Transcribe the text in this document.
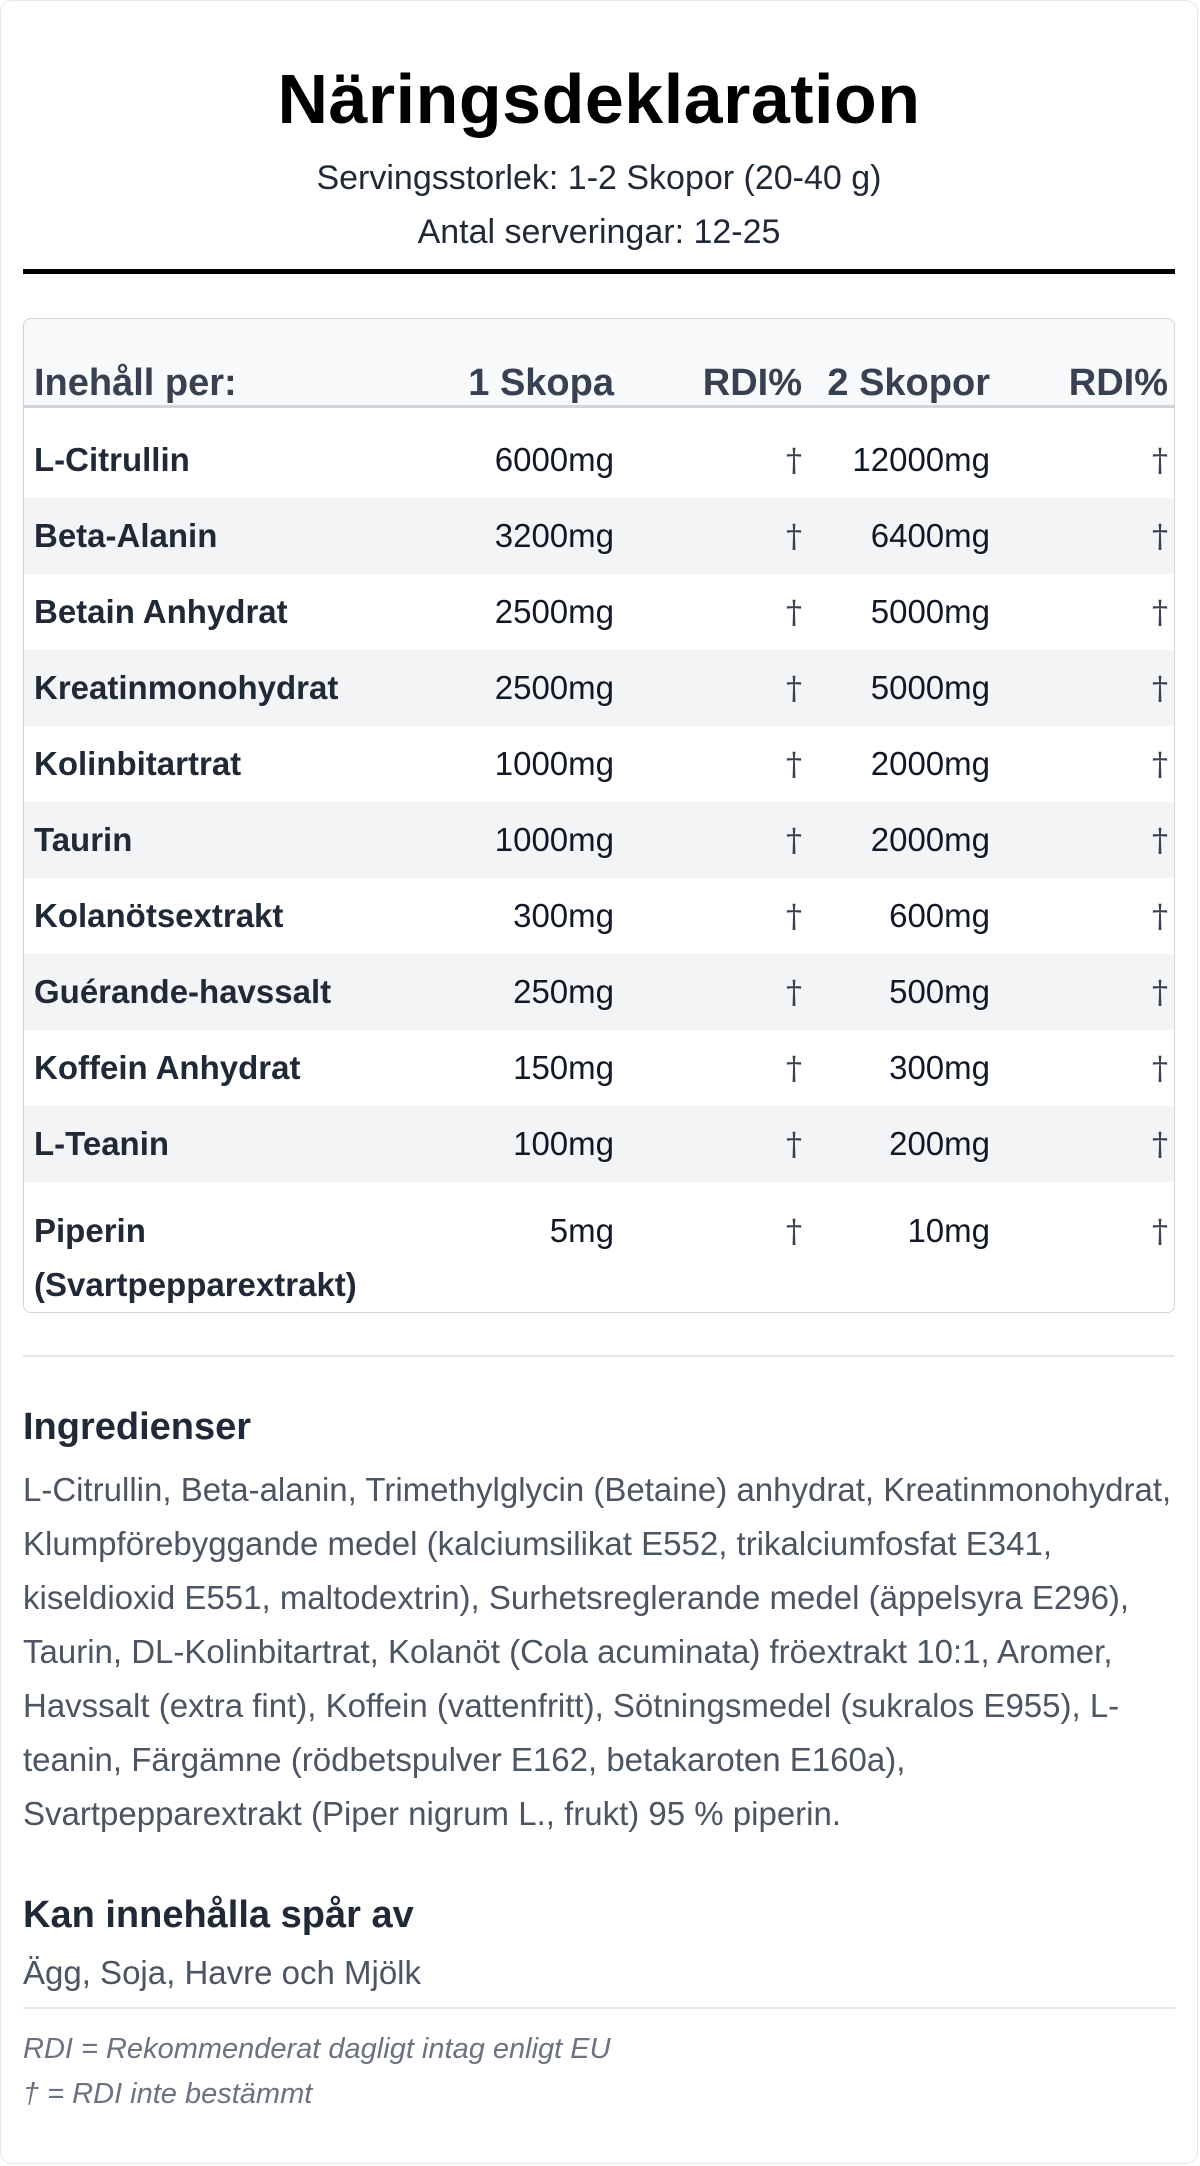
Näringsdeklaration
Servingsstorlek: 1-2 Skopor (20-40 g)
Antal serveringar: 12-25
Inehåll per:	1 Skopa	RDI%	2 Skopor	RDI%
L-Citrullin	6000mg	†	12000mg	†
Beta-Alanin	3200mg	†	6400mg	†
Betain Anhydrat	2500mg	†	5000mg	†
Kreatinmonohydrat	2500mg	†	5000mg	†
Kolinbitartrat	1000mg	†	2000mg	†
Taurin	1000mg	†	2000mg	†
Kolanötsextrakt	300mg	†	600mg	†
Guérande-havssalt	250mg	†	500mg	†
Koffein Anhydrat	150mg	†	300mg	†
L-Teanin	100mg	†	200mg	†
Piperin (Svartpepparextrakt)	5mg	†	10mg	†
Ingredienser
L-Citrullin, Beta-alanin, Trimethylglycin (Betaine) anhydrat, Kreatinmonohydrat, Klumpförebyggande medel (kalciumsilikat E552, trikalciumfosfat E341, kiseldioxid E551, maltodextrin), Surhetsreglerande medel (äppelsyra E296), Taurin, DL-Kolinbitartrat, Kolanöt (Cola acuminata) fröextrakt 10:1, Aromer, Havssalt (extra fint), Koffein (vattenfritt), Sötningsmedel (sukralos E955), L-teanin, Färgämne (rödbetspulver E162, betakaroten E160a), Svartpepparextrakt (Piper nigrum L., frukt) 95 % piperin.
Kan innehålla spår av
Ägg, Soja, Havre och Mjölk
RDI = Rekommenderat dagligt intag enligt EU
† = RDI inte bestämmt
